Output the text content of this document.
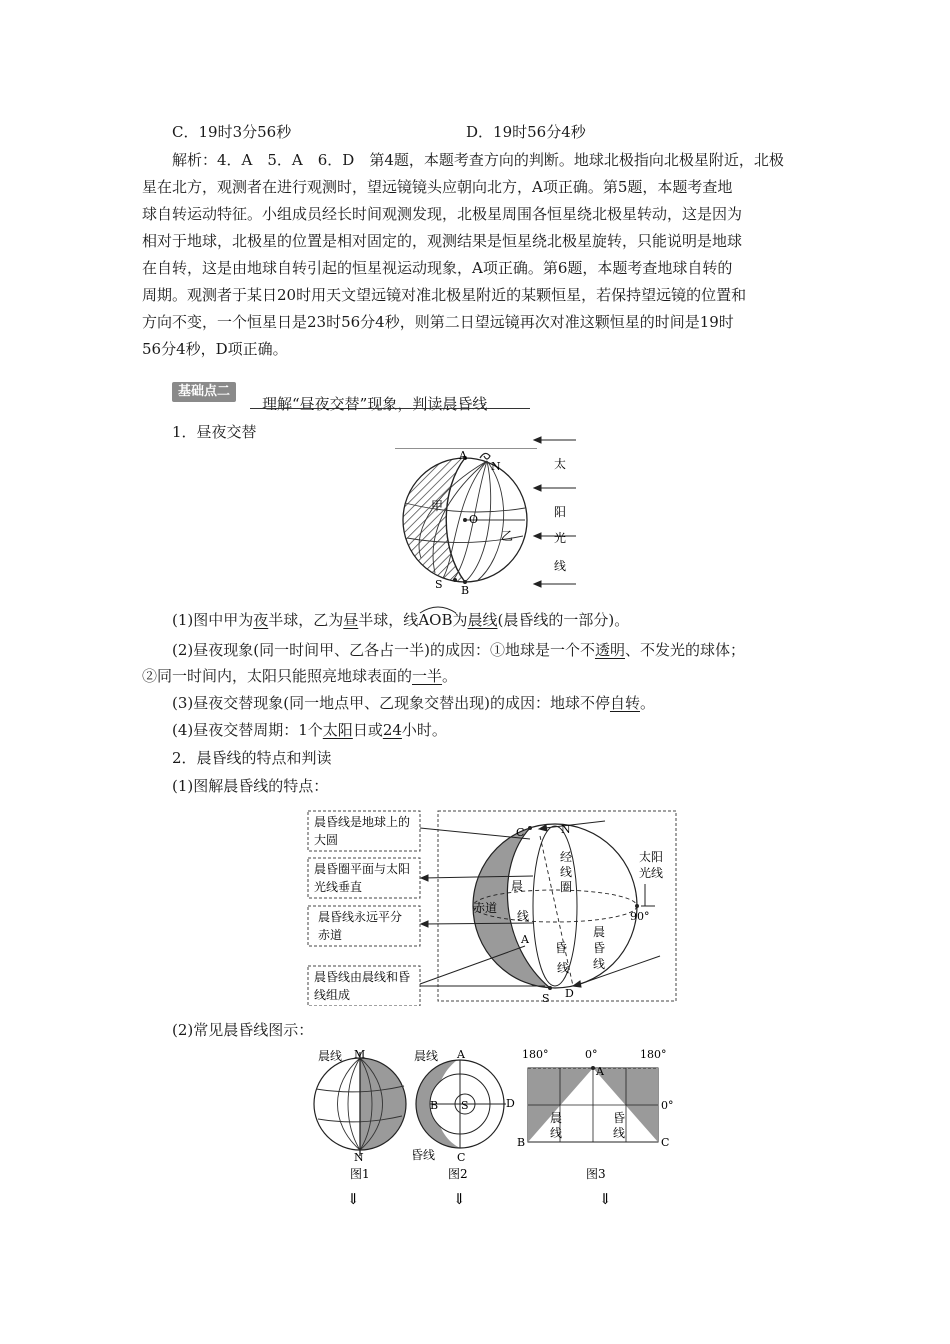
C．19时3分56秒	D．19时56分4秒
解析：4．A　5．A　6．D　第4题，本题考查方向的判断。地球北极指向北极星附近，北极
星在北方，观测者在进行观测时，望远镜镜头应朝向北方，A项正确。第5题，本题考查地
球自转运动特征。小组成员经长时间观测发现，北极星周围各恒星绕北极星转动，这是因为
相对于地球，北极星的位置是相对固定的，观测结果是恒星绕北极星旋转，只能说明是地球
在自转，这是由地球自转引起的恒星视运动现象，A项正确。第6题，本题考查地球自转的
周期。观测者于某日20时用天文望远镜对准北极星附近的某颗恒星，若保持望远镜的位置和
方向不变，一个恒星日是23时56分4秒，则第二日望远镜再次对准这颗恒星的时间是19时
56分4秒，D项正确。
基础点二
理解“昼夜交替”现象，判读晨昏线
1．昼夜交替
A
N
O
S B
甲
乙
太
阳
光
线
(1)图中甲为夜半球，乙为昼半球，线
AOB为晨线(晨昏线的一部分)。
(2)昼夜现象(同一时间甲、乙各占一半)的成因：①地球是一个不透明、不发光的球体；
②同一时间内，太阳只能照亮地球表面的一半。
(3)昼夜交替现象(同一地点甲、乙现象交替出现)的成因：地球不停自转。
(4)昼夜交替周期：1个太阳日或24小时。
2．晨昏线的特点和判读
(1)图解晨昏线的特点：
晨昏线是地球上的
大圆
晨昏圈平面与太阳
光线垂直
晨昏线永远平分
赤道
晨昏线由晨线和昏
线组成
C	N
A
S D
赤道
经
线
圈
晨
线
昏
线
晨
昏
线
太阳
光线
90°
(2)常见晨昏线图示：
晨线 M
N
图1
晨线 A
B S	D
昏线 C
图2
180°	0°	180°
0°
A
B	C
晨
线
昏
线
图3
⇓	⇓	⇓
